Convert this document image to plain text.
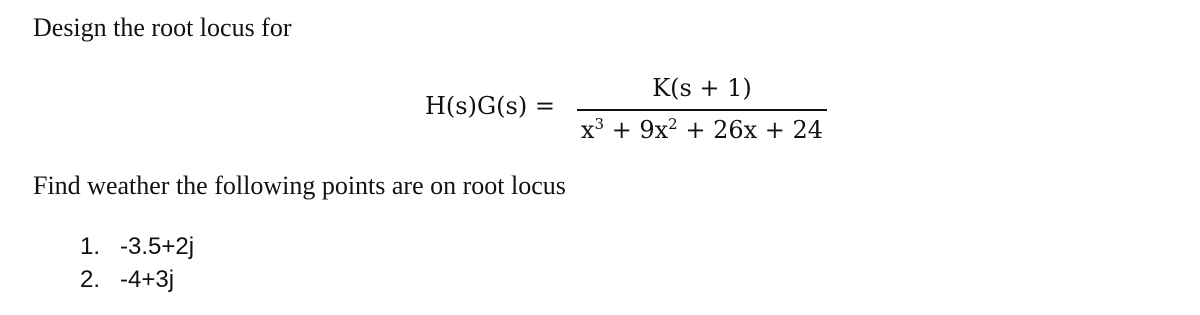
Design the root locus for
H(s)G(s) =
K(s + 1)
$x^3 + 9x^2 + 26x + 24$
Find weather the following points are on root locus
1. -3.5+2j
2. -4+3j
